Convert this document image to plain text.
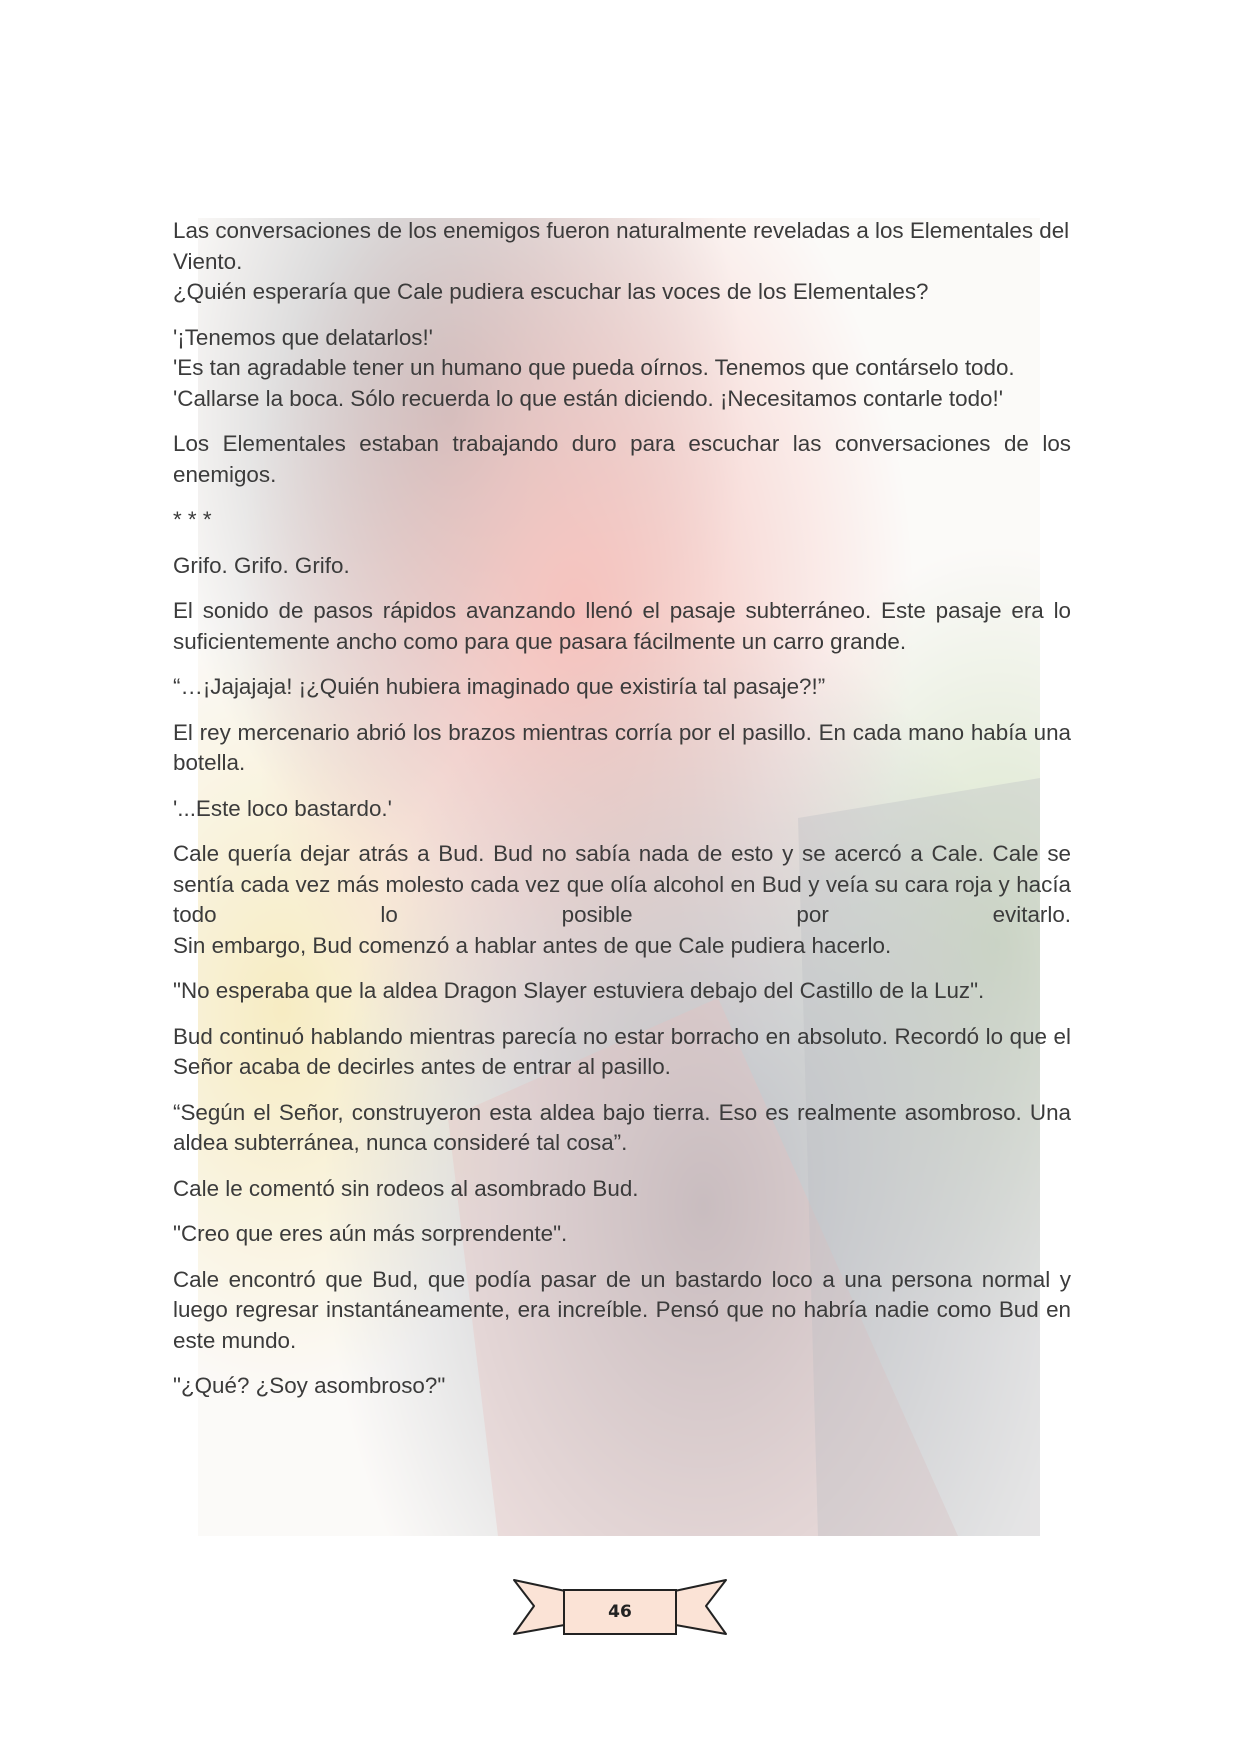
Las conversaciones de los enemigos fueron naturalmente reveladas a los Elementales del Viento.

¿Quién esperaría que Cale pudiera escuchar las voces de los Elementales?

'¡Tenemos que delatarlos!'

'Es tan agradable tener un humano que pueda oírnos. Tenemos que contárselo todo.

'Callarse la boca. Sólo recuerda lo que están diciendo. ¡Necesitamos contarle todo!'

Los Elementales estaban trabajando duro para escuchar las conversaciones de los enemigos.

* * *

Grifo. Grifo. Grifo.

El sonido de pasos rápidos avanzando llenó el pasaje subterráneo. Este pasaje era lo suficientemente ancho como para que pasara fácilmente un carro grande.

“…¡Jajajaja! ¡¿Quién hubiera imaginado que existiría tal pasaje?!”

El rey mercenario abrió los brazos mientras corría por el pasillo. En cada mano había una botella.

'...Este loco bastardo.'

Cale quería dejar atrás a Bud. Bud no sabía nada de esto y se acercó a Cale. Cale se sentía cada vez más molesto cada vez que olía alcohol en Bud y veía su cara roja y hacía todo lo posible por evitarlo.

Sin embargo, Bud comenzó a hablar antes de que Cale pudiera hacerlo.

"No esperaba que la aldea Dragon Slayer estuviera debajo del Castillo de la Luz".

Bud continuó hablando mientras parecía no estar borracho en absoluto. Recordó lo que el Señor acaba de decirles antes de entrar al pasillo.

“Según el Señor, construyeron esta aldea bajo tierra. Eso es realmente asombroso. Una aldea subterránea, nunca consideré tal cosa”.

Cale le comentó sin rodeos al asombrado Bud.

"Creo que eres aún más sorprendente".

Cale encontró que Bud, que podía pasar de un bastardo loco a una persona normal y luego regresar instantáneamente, era increíble. Pensó que no habría nadie como Bud en este mundo.

"¿Qué? ¿Soy asombroso?"

46
